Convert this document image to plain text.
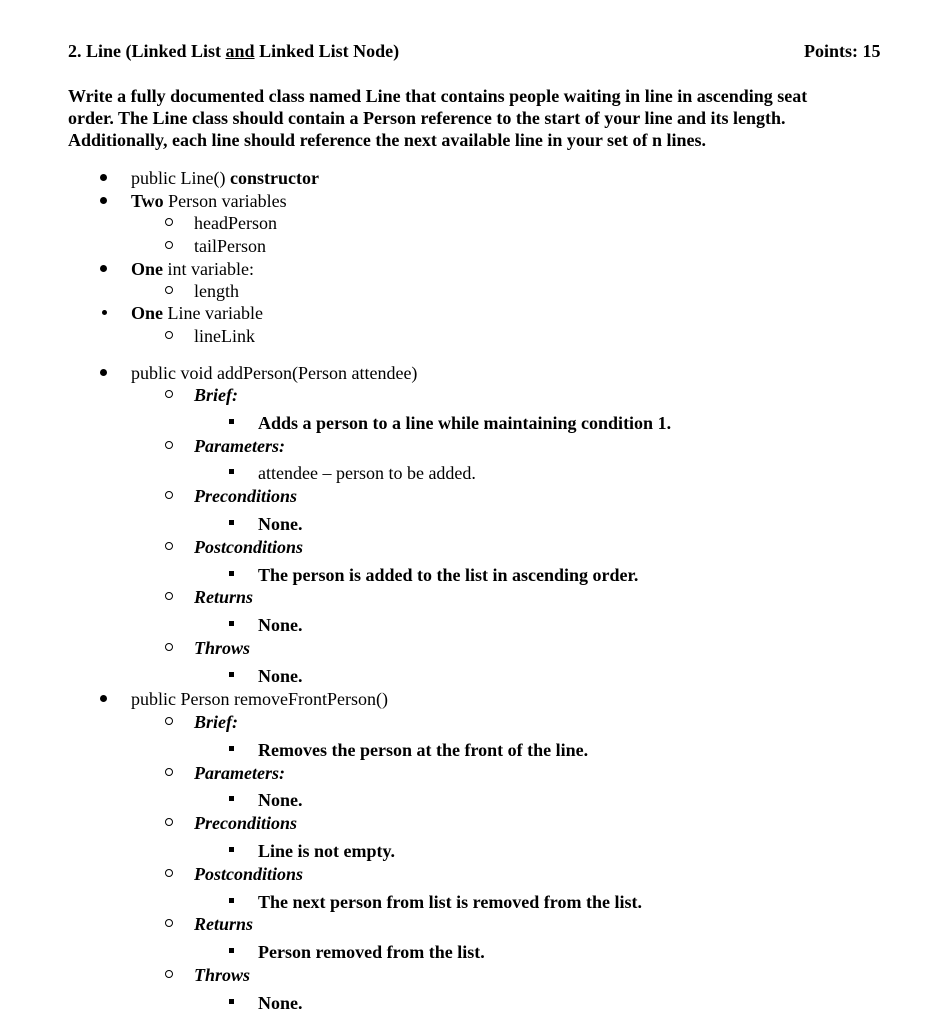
2. Line (Linked List and Linked List Node)	Points: 15
Write a fully documented class named Line that contains people waiting in line in ascending seat
order. The Line class should contain a Person reference to the start of your line and its length.
Additionally, each line should reference the next available line in your set of n lines.
public Line() constructor
Two Person variables
headPerson
tailPerson
One int variable:
length
One Line variable
lineLink
public void addPerson(Person attendee)
Brief:
Adds a person to a line while maintaining condition 1.
Parameters:
attendee – person to be added.
Preconditions
None.
Postconditions
The person is added to the list in ascending order.
Returns
None.
Throws
None.
public Person removeFrontPerson()
Brief:
Removes the person at the front of the line.
Parameters:
None.
Preconditions
Line is not empty.
Postconditions
The next person from list is removed from the list.
Returns
Person removed from the list.
Throws
None.
